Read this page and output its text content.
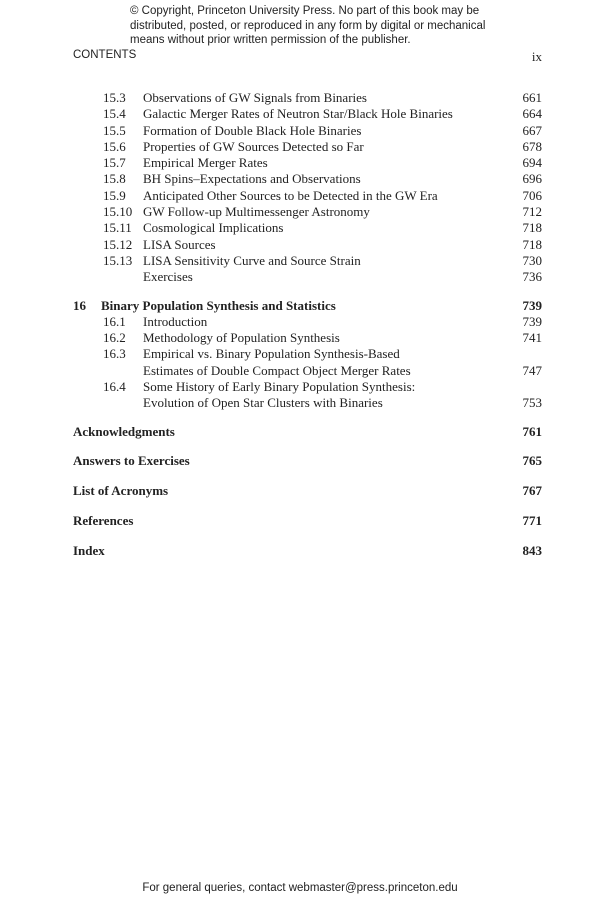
© Copyright, Princeton University Press. No part of this book may be
distributed, posted, or reproduced in any form by digital or mechanical
means without prior written permission of the publisher.
CONTENTS	ix
15.3 Observations of GW Signals from Binaries	661
15.4 Galactic Merger Rates of Neutron Star/Black Hole Binaries	664
15.5 Formation of Double Black Hole Binaries	667
15.6 Properties of GW Sources Detected so Far	678
15.7 Empirical Merger Rates	694
15.8 BH Spins–Expectations and Observations	696
15.9 Anticipated Other Sources to be Detected in the GW Era	706
15.10 GW Follow-up Multimessenger Astronomy	712
15.11 Cosmological Implications	718
15.12 LISA Sources	718
15.13 LISA Sensitivity Curve and Source Strain	730
Exercises	736
16 Binary Population Synthesis and Statistics	739
16.1 Introduction	739
16.2 Methodology of Population Synthesis	741
16.3 Empirical vs. Binary Population Synthesis-Based
Estimates of Double Compact Object Merger Rates	747
16.4 Some History of Early Binary Population Synthesis:
Evolution of Open Star Clusters with Binaries	753
Acknowledgments	761
Answers to Exercises	765
List of Acronyms	767
References	771
Index	843
For general queries, contact webmaster@press.princeton.edu
